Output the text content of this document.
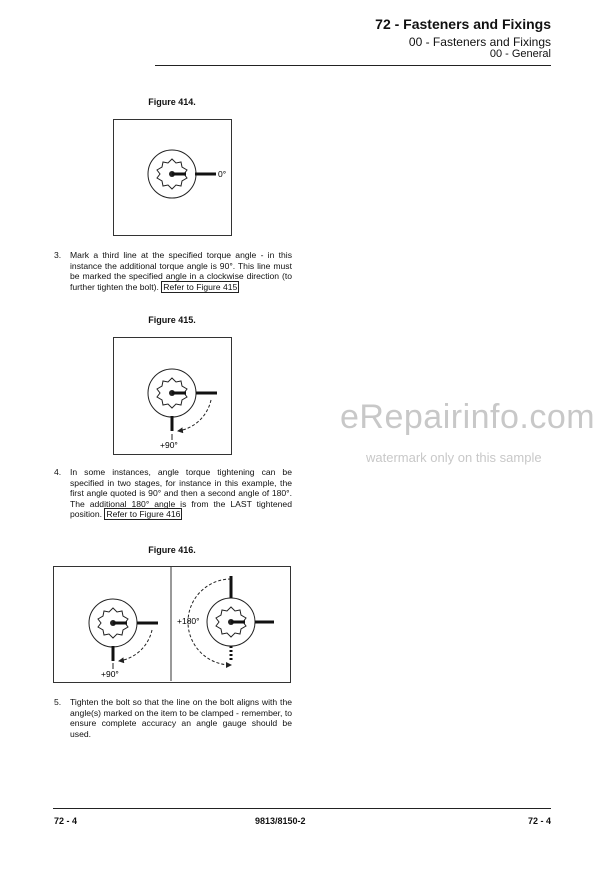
72 - Fasteners and Fixings
00 - Fasteners and Fixings
00 - General
Figure 414.
3. Mark a third line at the specified torque angle - in this instance the additional torque angle is 90°. This line must be marked the specified angle in a clockwise direction (to further tighten the bolt). Refer to Figure 415
Figure 415.
4. In some instances, angle torque tightening can be specified in two stages, for instance in this example, the first angle quoted is 90° and then a second angle of 180°. The additional 180° angle is from the LAST tightened position. Refer to Figure 416
Figure 416.
5. Tighten the bolt so that the line on the bolt aligns with the angle(s) marked on the item to be clamped - remember, to ensure complete accuracy an angle gauge should be used.
0°
+90°
+90°
+180°
eRepairinfo.com
watermark only on this sample
72 - 4	9813/8150-2	72 - 4
